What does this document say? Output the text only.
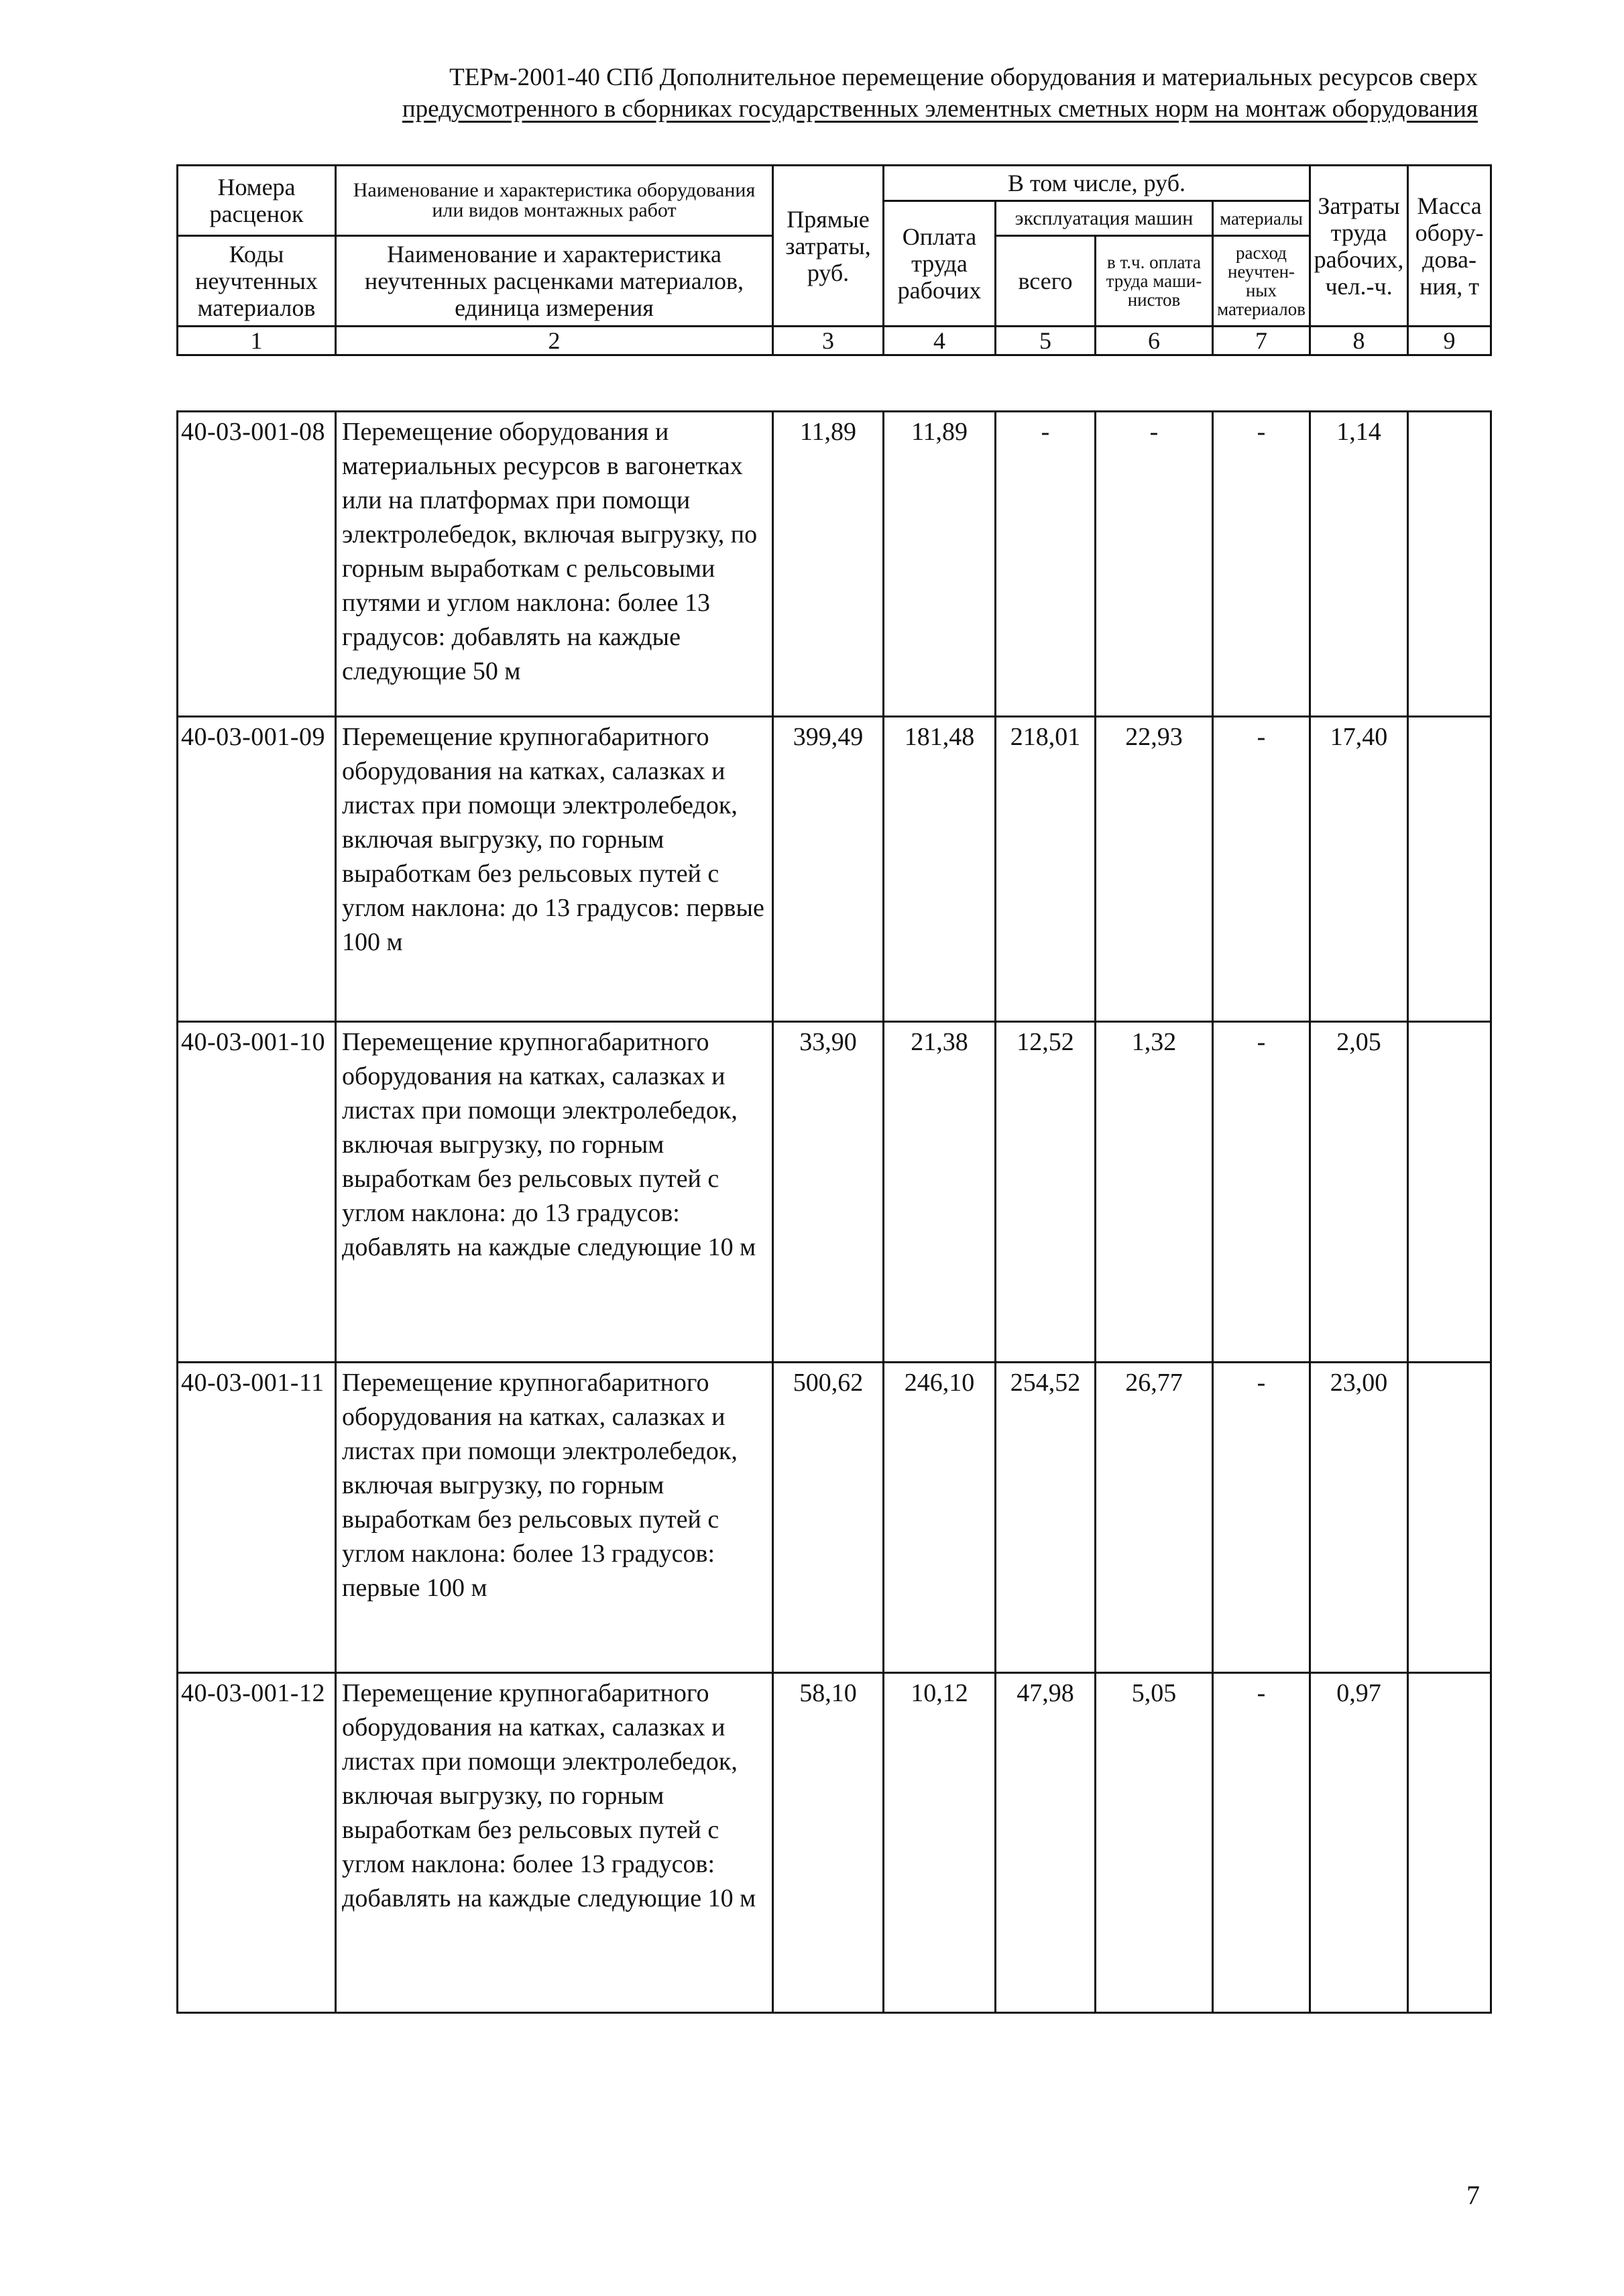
ТЕРм-2001-40 СПб Дополнительное перемещение оборудования и материальных ресурсов сверх
предусмотренного в сборниках государственных элементных сметных норм на монтаж оборудования
Номера расценок	Наименование и характеристика оборудования или видов монтажных работ	Прямые затраты, руб.	В том числе, руб.				Затраты труда рабочих, чел.-ч.	Масса обору-дова-ния, т
			Оплата труда рабочих	эксплуатация машин		материалы		
Коды неучтенных материалов	Наименование и характеристика неучтенных расценками материалов, единица измерения			всего	в т.ч. оплата труда маши-нистов	расход неучтен-ных материалов		

1	2	3	4	5	6	7	8	9
40-03-001-08	Перемещение оборудования и материальных ресурсов в вагонетках или на платформах при помощи электролебедок, включая выгрузку, по горным выработкам с рельсовыми путями и углом наклона: более 13 градусов: добавлять на каждые следующие 50 м	11,89	11,89	-	-	-	1,14	
40-03-001-09	Перемещение крупногабаритного оборудования на катках, салазках и листах при помощи электролебедок, включая выгрузку, по горным выработкам без рельсовых путей с углом наклона: до 13 градусов: первые 100 м	399,49	181,48	218,01	22,93	-	17,40	
40-03-001-10	Перемещение крупногабаритного оборудования на катках, салазках и листах при помощи электролебедок, включая выгрузку, по горным выработкам без рельсовых путей с углом наклона: до 13 градусов: добавлять на каждые следующие 10 м	33,90	21,38	12,52	1,32	-	2,05	
40-03-001-11	Перемещение крупногабаритного оборудования на катках, салазках и листах при помощи электролебедок, включая выгрузку, по горным выработкам без рельсовых путей с углом наклона: более 13 градусов: первые 100 м	500,62	246,10	254,52	26,77	-	23,00	
40-03-001-12	Перемещение крупногабаритного оборудования на катках, салазках и листах при помощи электролебедок, включая выгрузку, по горным выработкам без рельсовых путей с углом наклона: более 13 градусов: добавлять на каждые следующие 10 м	58,10	10,12	47,98	5,05	-	0,97	
7
